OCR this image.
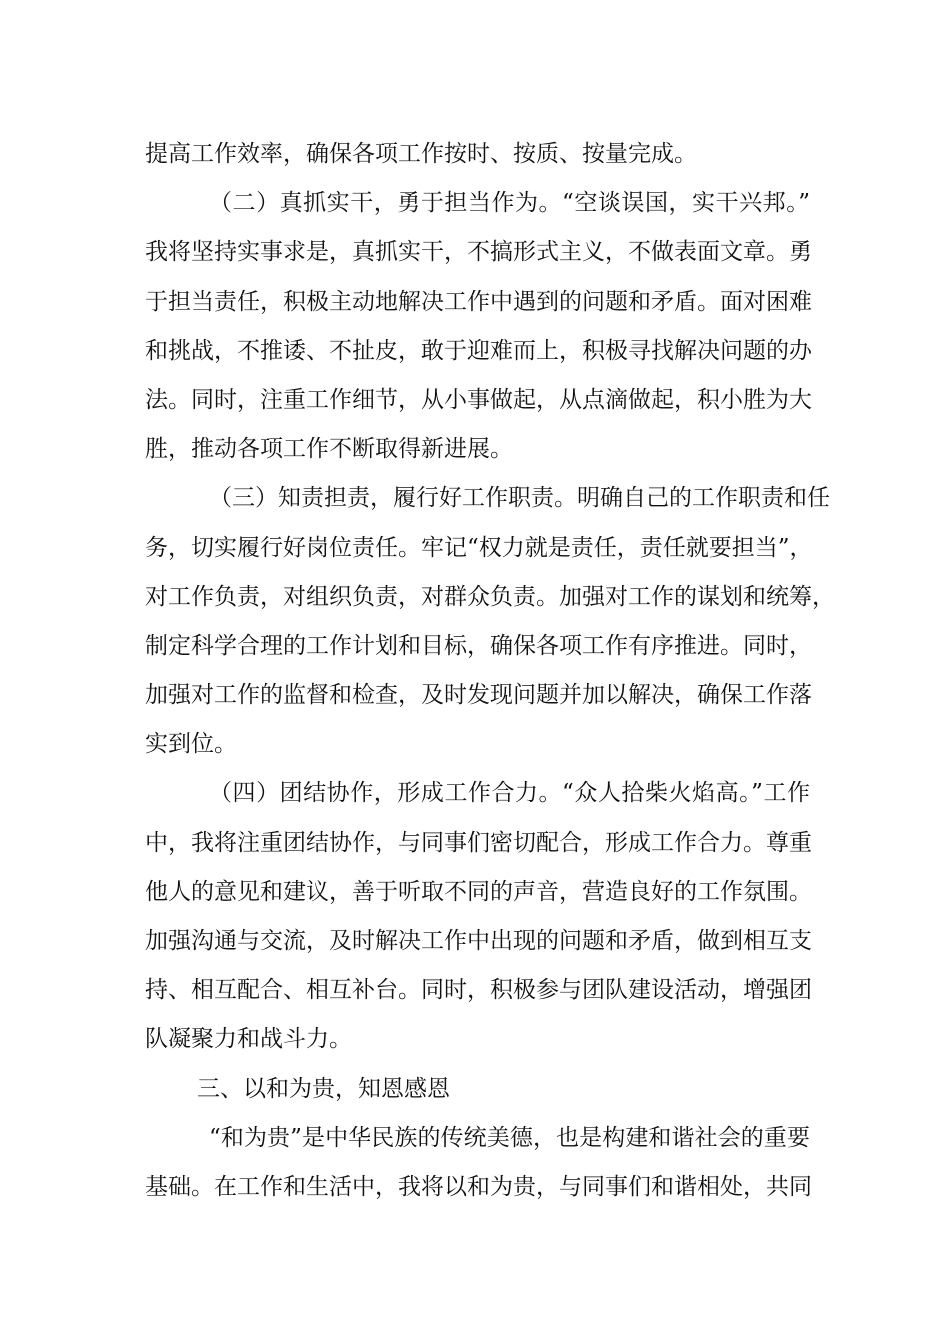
提高工作效率，确保各项工作按时、按质、按量完成。
（二）真抓实干，勇于担当作为。“空谈误国，实干兴邦。”
我将坚持实事求是，真抓实干，不搞形式主义，不做表面文章。勇
于担当责任，积极主动地解决工作中遇到的问题和矛盾。面对困难
和挑战，不推诿、不扯皮，敢于迎难而上，积极寻找解决问题的办
法。同时，注重工作细节，从小事做起，从点滴做起，积小胜为大
胜，推动各项工作不断取得新进展。
（三）知责担责，履行好工作职责。明确自己的工作职责和任
务，切实履行好岗位责任。牢记“权力就是责任，责任就要担当”，
对工作负责，对组织负责，对群众负责。加强对工作的谋划和统筹，
制定科学合理的工作计划和目标，确保各项工作有序推进。同时，
加强对工作的监督和检查，及时发现问题并加以解决，确保工作落
实到位。
（四）团结协作，形成工作合力。“众人拾柴火焰高。”工作
中，我将注重团结协作，与同事们密切配合，形成工作合力。尊重
他人的意见和建议，善于听取不同的声音，营造良好的工作氛围。
加强沟通与交流，及时解决工作中出现的问题和矛盾，做到相互支
持、相互配合、相互补台。同时，积极参与团队建设活动，增强团
队凝聚力和战斗力。
三、以和为贵，知恩感恩
“和为贵”是中华民族的传统美德，也是构建和谐社会的重要
基础。在工作和生活中，我将以和为贵，与同事们和谐相处，共同
